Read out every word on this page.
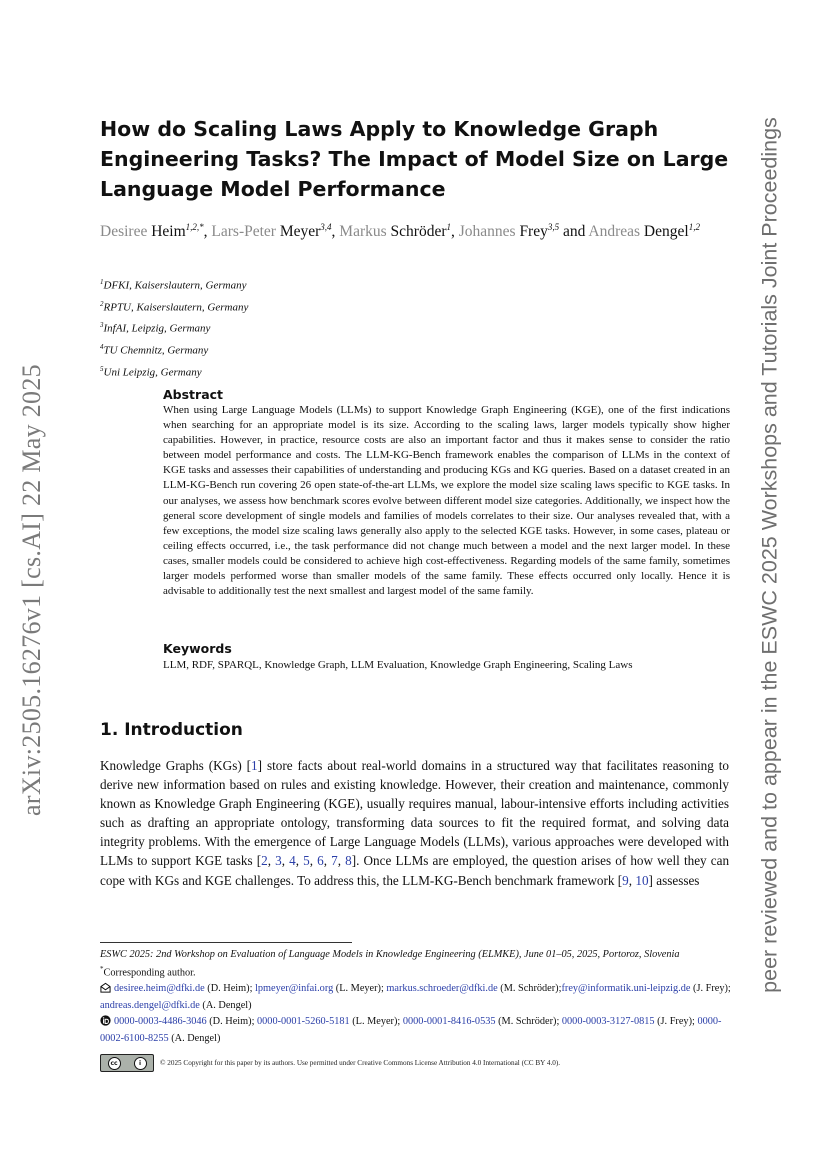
arXiv:2505.16276v1 [cs.AI] 22 May 2025	peer reviewed and to appear in the ESWC 2025 Workshops and Tutorials Joint Proceedings
How do Scaling Laws Apply to Knowledge Graph Engineering Tasks? The Impact of Model Size on Large Language Model Performance
Desiree Heim$^{1,2,*}$, Lars-Peter Meyer$^{3,4}$, Markus Schröder$^1$, Johannes Frey$^{3,5}$ and Andreas Dengel$^{1,2}$
$^1$DFKI, Kaiserslautern, Germany
$^2$RPTU, Kaiserslautern, Germany
$^3$InfAI, Leipzig, Germany
$^4$TU Chemnitz, Germany
$^5$Uni Leipzig, Germany
Abstract

When using Large Language Models (LLMs) to support Knowledge Graph Engineering (KGE), one of the first indications when searching for an appropriate model is its size. According to the scaling laws, larger models typically show higher capabilities. However, in practice, resource costs are also an important factor and thus it makes sense to consider the ratio between model performance and costs. The LLM-KG-Bench framework enables the comparison of LLMs in the context of KGE tasks and assesses their capabilities of understanding and producing KGs and KG queries. Based on a dataset created in an LLM-KG-Bench run covering 26 open state-of-the-art LLMs, we explore the model size scaling laws specific to KGE tasks. In our analyses, we assess how benchmark scores evolve between different model size categories. Additionally, we inspect how the general score development of single models and families of models correlates to their size. Our analyses revealed that, with a few exceptions, the model size scaling laws generally also apply to the selected KGE tasks. However, in some cases, plateau or ceiling effects occurred, i.e., the task performance did not change much between a model and the next larger model. In these cases, smaller models could be considered to achieve high cost-effectiveness. Regarding models of the same family, sometimes larger models performed worse than smaller models of the same family. These effects occurred only locally. Hence it is advisable to additionally test the next smallest and largest model of the same family.

Keywords

LLM, RDF, SPARQL, Knowledge Graph, LLM Evaluation, Knowledge Graph Engineering, Scaling Laws

1. Introduction

Knowledge Graphs (KGs) [1] store facts about real-world domains in a structured way that facilitates reasoning to derive new information based on rules and existing knowledge. However, their creation and maintenance, commonly known as Knowledge Graph Engineering (KGE), usually requires manual, labour-intensive efforts including activities such as drafting an appropriate ontology, transforming data sources to fit the required format, and solving data integrity problems. With the emergence of Large Language Models (LLMs), various approaches were developed with LLMs to support KGE tasks [2, 3, 4, 5, 6, 7, 8]. Once LLMs are employed, the question arises of how well they can cope with KGs and KGE challenges. To address this, the LLM-KG-Bench benchmark framework [9, 10] assesses

ESWC 2025: 2nd Workshop on Evaluation of Language Models in Knowledge Engineering (ELMKE), June 01–05, 2025, Portoroz, Slovenia
*Corresponding author.
desiree.heim@dfki.de (D. Heim); lpmeyer@infai.org (L. Meyer); markus.schroeder@dfki.de (M. Schröder);frey@informatik.uni-leipzig.de (J. Frey); andreas.dengel@dfki.de (A. Dengel)
0000-0003-4486-3046 (D. Heim); 0000-0001-5260-5181 (L. Meyer); 0000-0001-8416-0535 (M. Schröder); 0000-0003-3127-0815 (J. Frey); 0000-0002-6100-8255 (A. Dengel)
cc	i	© 2025 Copyright for this paper by its authors. Use permitted under Creative Commons License Attribution 4.0 International (CC BY 4.0).
